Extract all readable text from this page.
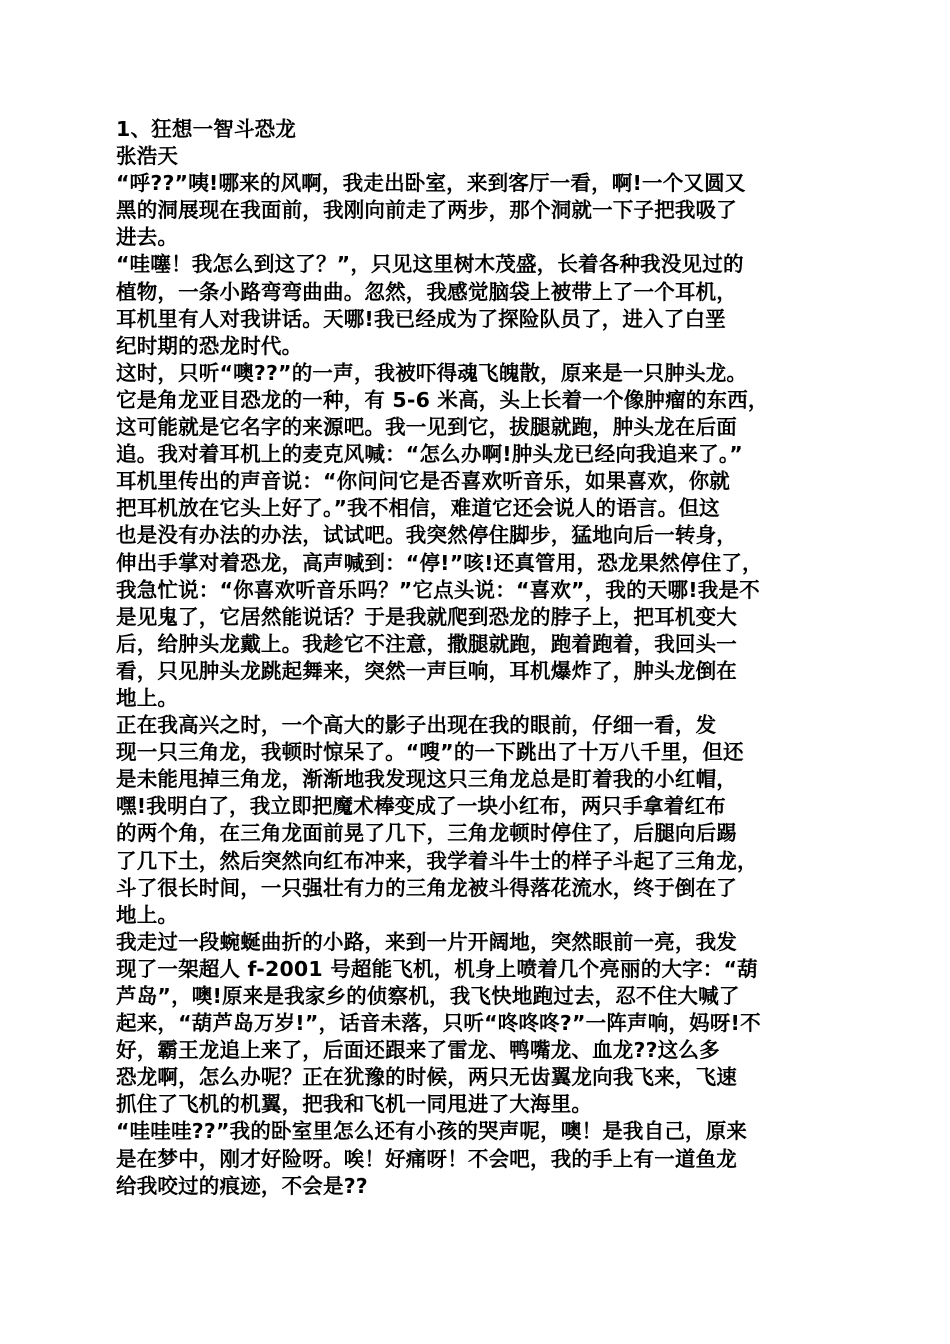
1、狂想一智斗恐龙
张浩天
“呼??”咦!哪来的风啊，我走出卧室，来到客厅一看，啊!一个又圆又
黑的洞展现在我面前，我刚向前走了两步，那个洞就一下子把我吸了
进去。
“哇噻！我怎么到这了？”，只见这里树木茂盛，长着各种我没见过的
植物，一条小路弯弯曲曲。忽然，我感觉脑袋上被带上了一个耳机，
耳机里有人对我讲话。天哪!我已经成为了探险队员了，进入了白垩
纪时期的恐龙时代。
这时，只听“噢??”的一声，我被吓得魂飞魄散，原来是一只肿头龙。
它是角龙亚目恐龙的一种，有 5-6 米高，头上长着一个像肿瘤的东西，
这可能就是它名字的来源吧。我一见到它，拔腿就跑，肿头龙在后面
追。我对着耳机上的麦克风喊：“怎么办啊!肿头龙已经向我追来了。”
耳机里传出的声音说：“你问问它是否喜欢听音乐，如果喜欢，你就
把耳机放在它头上好了。”我不相信，难道它还会说人的语言。但这
也是没有办法的办法，试试吧。我突然停住脚步，猛地向后一转身，
伸出手掌对着恐龙，高声喊到：“停!”咳!还真管用，恐龙果然停住了，
我急忙说：“你喜欢听音乐吗？”它点头说：“喜欢”，我的天哪!我是不
是见鬼了，它居然能说话？于是我就爬到恐龙的脖子上，把耳机变大
后，给肿头龙戴上。我趁它不注意，撒腿就跑，跑着跑着，我回头一
看，只见肿头龙跳起舞来，突然一声巨响，耳机爆炸了，肿头龙倒在
地上。
正在我高兴之时，一个高大的影子出现在我的眼前，仔细一看，发
现一只三角龙，我顿时惊呆了。“嗖”的一下跳出了十万八千里，但还
是未能甩掉三角龙，渐渐地我发现这只三角龙总是盯着我的小红帽，
嘿!我明白了，我立即把魔术棒变成了一块小红布，两只手拿着红布
的两个角，在三角龙面前晃了几下，三角龙顿时停住了，后腿向后踢
了几下土，然后突然向红布冲来，我学着斗牛士的样子斗起了三角龙，
斗了很长时间，一只强壮有力的三角龙被斗得落花流水，终于倒在了
地上。
我走过一段蜿蜒曲折的小路，来到一片开阔地，突然眼前一亮，我发
现了一架超人 f-2001 号超能飞机，机身上喷着几个亮丽的大字：“葫
芦岛”，噢!原来是我家乡的侦察机，我飞快地跑过去，忍不住大喊了
起来，“葫芦岛万岁!”，话音未落，只听“咚咚咚?”一阵声响，妈呀!不
好，霸王龙追上来了，后面还跟来了雷龙、鸭嘴龙、血龙??这么多
恐龙啊，怎么办呢？正在犹豫的时候，两只无齿翼龙向我飞来，飞速
抓住了飞机的机翼，把我和飞机一同甩进了大海里。
“哇哇哇??”我的卧室里怎么还有小孩的哭声呢，噢！是我自己，原来
是在梦中，刚才好险呀。唉！好痛呀！不会吧，我的手上有一道鱼龙
给我咬过的痕迹，不会是??
